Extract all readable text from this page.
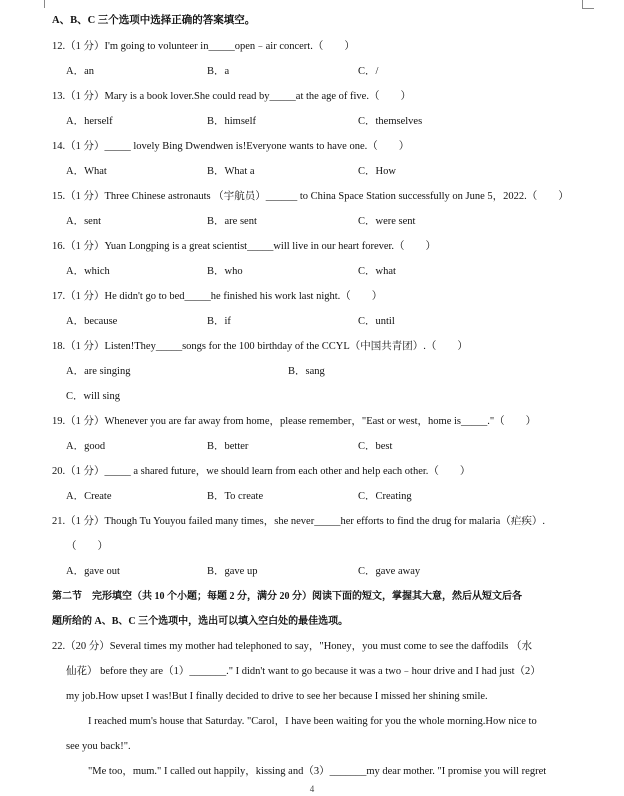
A、B、C 三个选项中选择正确的答案填空。
12.（1 分）I'm going to volunteer in_____open﹣air concert.（　　）
A．an	B．a	C．/
13.（1 分）Mary is a book lover.She could read by_____at the age of five.（　　）
A．herself	B．himself	C．themselves
14.（1 分）_____ lovely Bing Dwendwen is!Everyone wants to have one.（　　）
A．What	B．What a	C．How
15.（1 分）Three Chinese astronauts （宇航员）______ to China Space Station successfully on June 5，2022.（　　）
A．sent	B．are sent	C．were sent
16.（1 分）Yuan Longping is a great scientist_____will live in our heart forever.（　　）
A．which	B．who	C．what
17.（1 分）He didn't go to bed_____he finished his work last night.（　　）
A．because	B．if	C．until
18.（1 分）Listen!They_____songs for the 100 birthday of the CCYL（中国共青团）.（　　）
A．are singing	B．sang
C．will sing
19.（1 分）Whenever you are far away from home，please remember，"East or west，home is_____."（　　）
A．good	B．better	C．best
20.（1 分）_____ a shared future，we should learn from each other and help each other.（　　）
A．Create	B．To create	C．Creating
21.（1 分）Though Tu Youyou failed many times，she never_____her efforts to find the drug for malaria（疟疾）.
（　　）
A．gave out	B．gave up	C．gave away
第二节　完形填空（共 10 个小题；每题 2 分，满分 20 分）阅读下面的短文，掌握其大意，然后从短文后各
题所给的 A、B、C 三个选项中，选出可以填入空白处的最佳选项。
22.（20 分）Several times my mother had telephoned to say，"Honey，you must come to see the daffodils （水
仙花） before they are（1）_______." I didn't want to go because it was a two﹣hour drive and I had just（2）
my job.How upset I was!But I finally decided to drive to see her because I missed her shining smile.
I reached mum's house that Saturday. "Carol，I have been waiting for you the whole morning.How nice to
see you back!".
"Me too，mum." I called out happily，kissing and（3）_______my dear mother. "I promise you will regret
4
